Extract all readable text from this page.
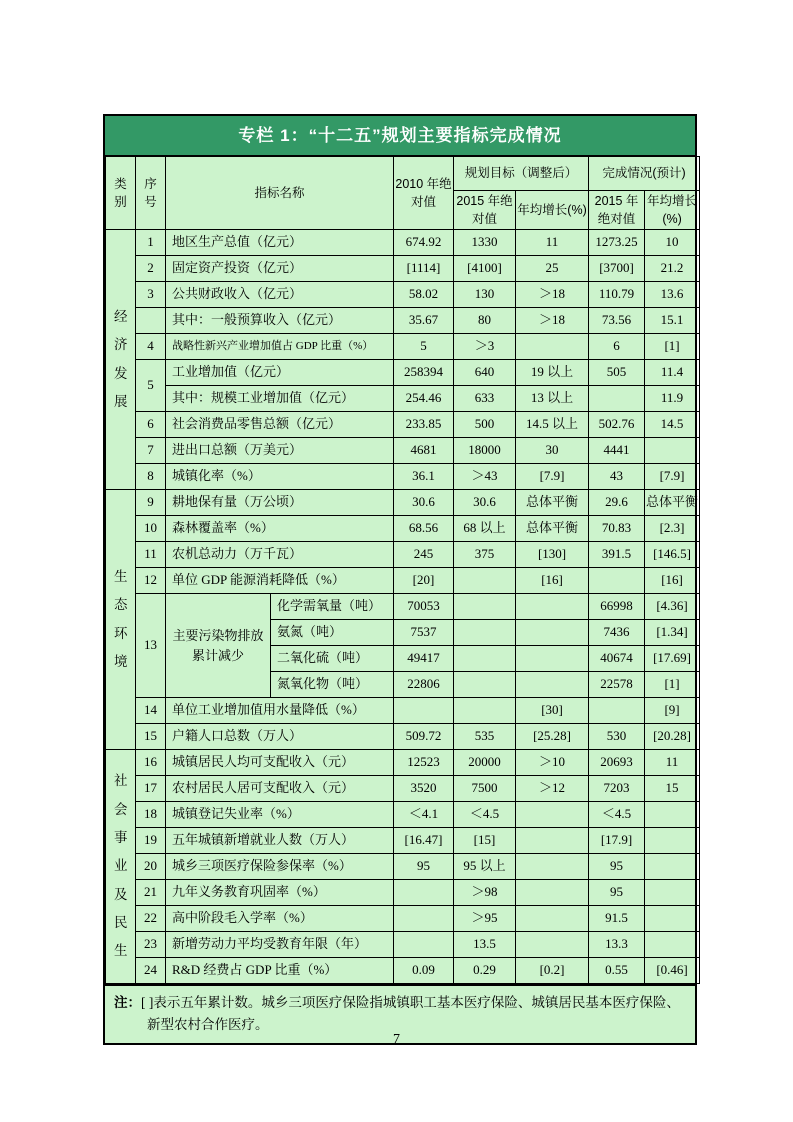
专栏 1：“十二五”规划主要指标完成情况
类别	序号	指标名称		2010 年绝对值	规划目标（调整后）		完成情况(预计)	
					2015 年绝对值	年均增长(%)	2015 年绝对值	年均增长(%)
经济发展	1	地区生产总值（亿元）		674.92	1330	11	1273.25	10
	2	固定资产投资（亿元）		[1114]	[4100]	25	[3700]	21.2
	3	公共财政收入（亿元）		58.02	130	＞18	110.79	13.6
		其中：一般预算收入（亿元）		35.67	80	＞18	73.56	15.1
	4	战略性新兴产业增加值占 GDP 比重（%）		5	＞3		6	[1]
	5	工业增加值（亿元）		258394	640	19 以上	505	11.4
		其中：规模工业增加值（亿元）		254.46	633	13 以上		11.9
	6	社会消费品零售总额（亿元）		233.85	500	14.5 以上	502.76	14.5
	7	进出口总额（万美元）		4681	18000	30	4441	
	8	城镇化率（%）		36.1	＞43	[7.9]	43	[7.9]
生态环境	9	耕地保有量（万公顷）		30.6	30.6	总体平衡	29.6	总体平衡
	10	森林覆盖率（%）		68.56	68 以上	总体平衡	70.83	[2.3]
	11	农机总动力（万千瓦）		245	375	[130]	391.5	[146.5]
	12	单位 GDP 能源消耗降低（%）		[20]		[16]		[16]
	13	主要污染物排放累计减少	化学需氧量（吨）	70053			66998	[4.36]
			氨氮（吨）	7537			7436	[1.34]
			二氧化硫（吨）	49417			40674	[17.69]
			氮氧化物（吨）	22806			22578	[1]
	14	单位工业增加值用水量降低（%）				[30]		[9]
	15	户籍人口总数（万人）		509.72	535	[25.28]	530	[20.28]
社会事业及民生	16	城镇居民人均可支配收入（元）		12523	20000	＞10	20693	11
	17	农村居民人居可支配收入（元）		3520	7500	＞12	7203	15
	18	城镇登记失业率（%）		＜4.1	＜4.5		＜4.5	
	19	五年城镇新增就业人数（万人）		[16.47]	[15]		[17.9]	
	20	城乡三项医疗保险参保率（%）		95	95 以上		95	
	21	九年义务教育巩固率（%）			＞98		95	
	22	高中阶段毛入学率（%）			＞95		91.5	
	23	新增劳动力平均受教育年限（年）			13.5		13.3	
	24	R&D 经费占 GDP 比重（%）		0.09	0.29	[0.2]	0.55	[0.46]

注：[ ]表示五年累计数。城乡三项医疗保险指城镇职工基本医疗保险、城镇居民基本医疗保险、新型农村合作医疗。

7
